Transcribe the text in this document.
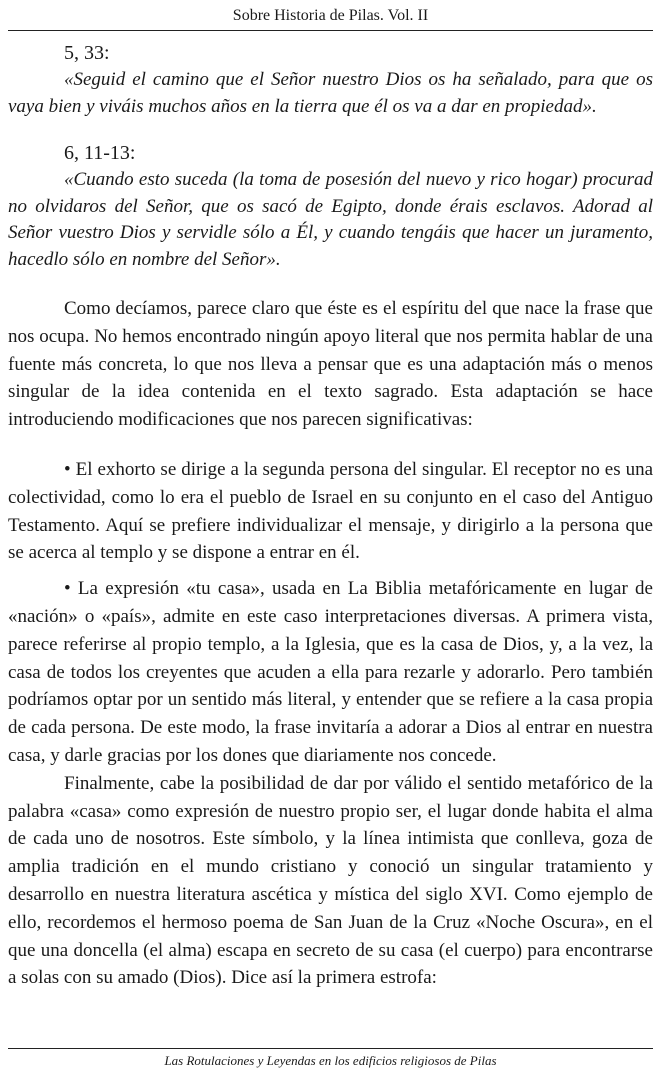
Sobre Historia de Pilas. Vol. II
5, 33:

«Seguid el camino que el Señor nuestro Dios os ha señalado, para que os vaya bien y viváis muchos años en la tierra que él os va a dar en propiedad».

6, 11-13:

«Cuando esto suceda (la toma de posesión del nuevo y rico hogar) procurad no olvidaros del Señor, que os sacó de Egipto, donde érais esclavos. Adorad al Señor vuestro Dios y servidle sólo a Él, y cuando tengáis que hacer un juramento, hacedlo sólo en nombre del Señor».

Como decíamos, parece claro que éste es el espíritu del que nace la frase que nos ocupa. No hemos encontrado ningún apoyo literal que nos permita hablar de una fuente más concreta, lo que nos lleva a pensar que es una adaptación más o menos singular de la idea contenida en el texto sagrado. Esta adaptación se hace introduciendo modificaciones que nos parecen significativas:

• El exhorto se dirige a la segunda persona del singular. El receptor no es una colectividad, como lo era el pueblo de Israel en su conjunto en el caso del Antiguo Testamento. Aquí se prefiere individualizar el mensaje, y dirigirlo a la persona que se acerca al templo y se dispone a entrar en él.

• La expresión «tu casa», usada en La Biblia metafóricamente en lugar de «nación» o «país», admite en este caso interpretaciones diversas. A primera vista, parece referirse al propio templo, a la Iglesia, que es la casa de Dios, y, a la vez, la casa de todos los creyentes que acuden a ella para rezarle y adorarlo. Pero también podríamos optar por un sentido más literal, y entender que se refiere a la casa propia de cada persona. De este modo, la frase invitaría a adorar a Dios al entrar en nuestra casa, y darle gracias por los dones que diariamente nos concede.

Finalmente, cabe la posibilidad de dar por válido el sentido metafórico de la palabra «casa» como expresión de nuestro propio ser, el lugar donde habita el alma de cada uno de nosotros. Este símbolo, y la línea intimista que conlleva, goza de amplia tradición en el mundo cristiano y conoció un singular tratamiento y desarrollo en nuestra literatura ascética y mística del siglo XVI. Como ejemplo de ello, recordemos el hermoso poema de San Juan de la Cruz «Noche Oscura», en el que una doncella (el alma) escapa en secreto de su casa (el cuerpo) para encontrarse a solas con su amado (Dios). Dice así la primera estrofa:

Las Rotulaciones y Leyendas en los edificios religiosos de Pilas
